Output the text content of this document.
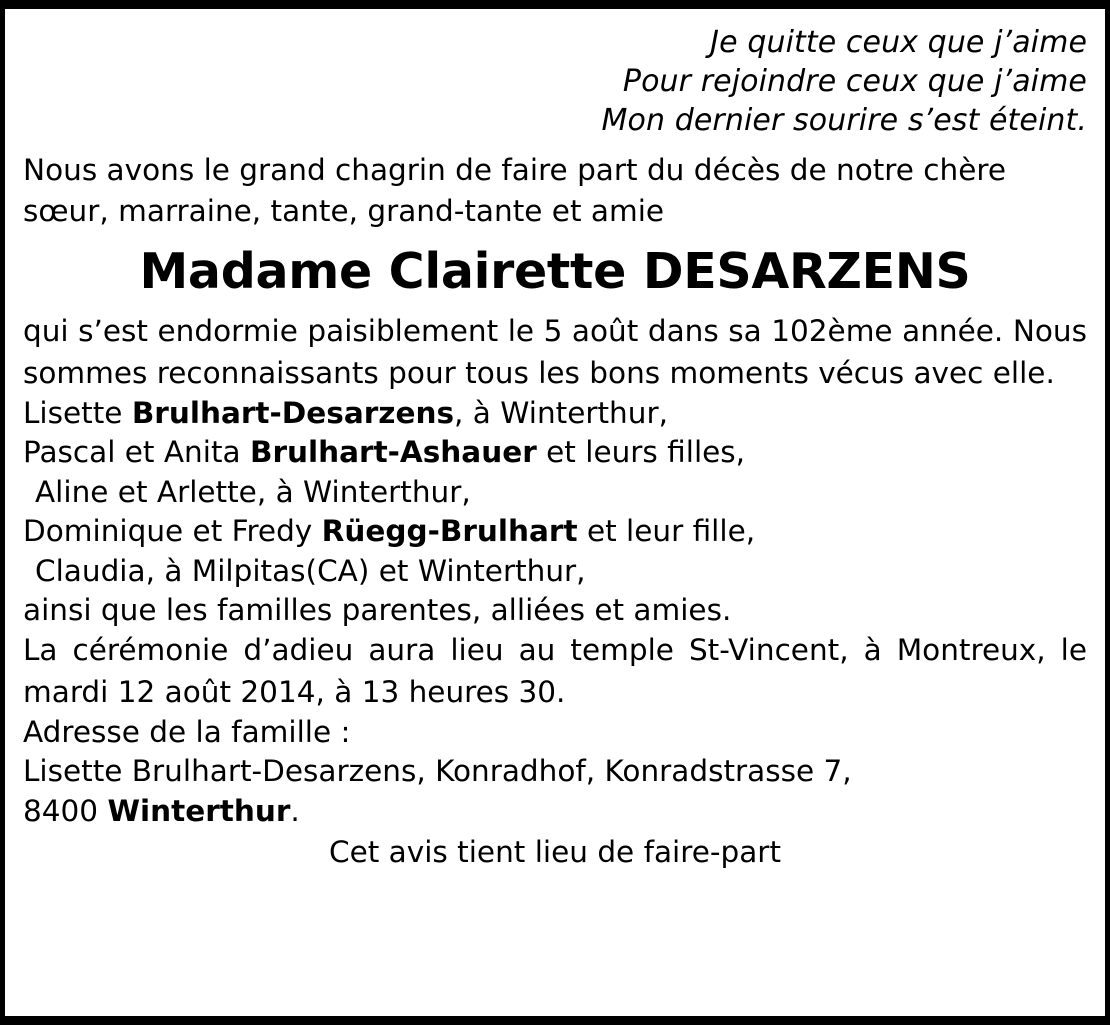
Je quitte ceux que j’aime
Pour rejoindre ceux que j’aime
Mon dernier sourire s’est éteint.
Nous avons le grand chagrin de faire part du décès de notre chère sœur, marraine, tante, grand-tante et amie
Madame Clairette DESARZENS
qui s’est endormie paisiblement le 5 août dans sa 102ème année. Nous sommes reconnaissants pour tous les bons moments vécus avec elle.
Lisette Brulhart-Desarzens, à Winterthur,
Pascal et Anita Brulhart-Ashauer et leurs filles,
Aline et Arlette, à Winterthur,
Dominique et Fredy Rüegg-Brulhart et leur fille,
Claudia, à Milpitas(CA) et Winterthur,
ainsi que les familles parentes, alliées et amies.
La cérémonie d’adieu aura lieu au temple St-Vincent, à Montreux, le mardi 12 août 2014, à 13 heures 30.
Adresse de la famille :
Lisette Brulhart-Desarzens, Konradhof, Konradstrasse 7,
8400 Winterthur.
Cet avis tient lieu de faire-part
